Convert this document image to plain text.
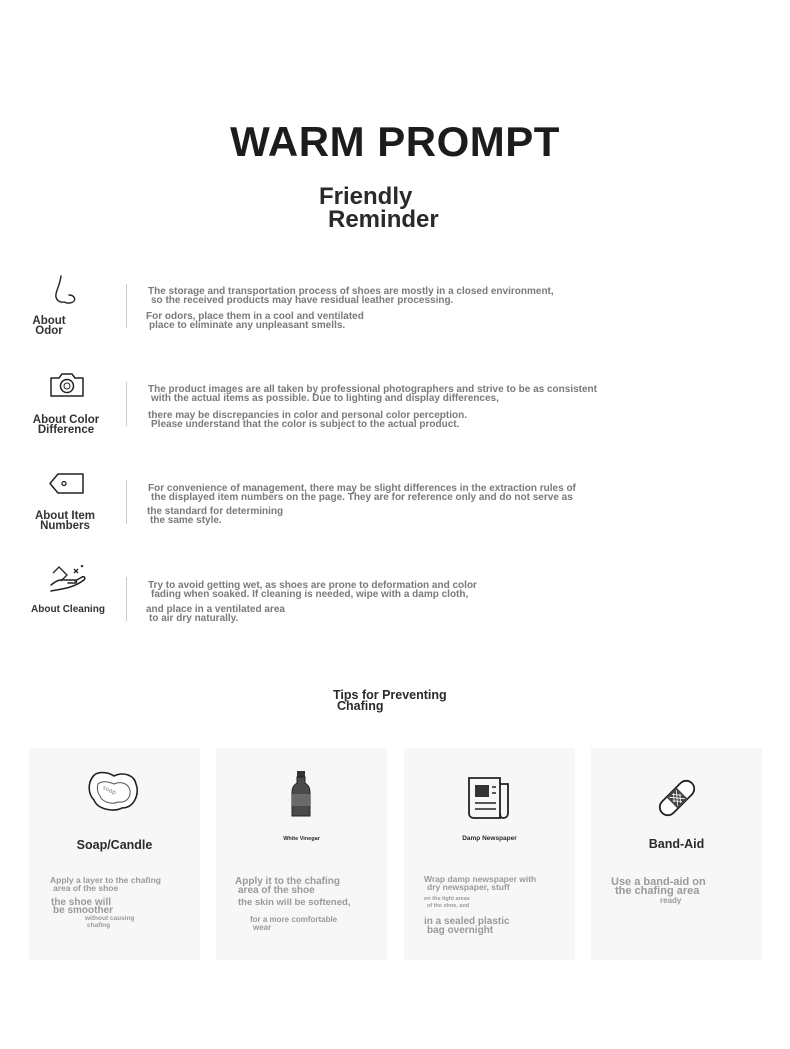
WARM PROMPT
Friendly
Reminder
About
Odor
The storage and transportation process of shoes are mostly in a closed environment,
so the received products may have residual leather processing.
For odors, place them in a cool and ventilated
place to eliminate any unpleasant smells.
About Color
Difference
The product images are all taken by professional photographers and strive to be as consistent
with the actual items as possible. Due to lighting and display differences,
there may be discrepancies in color and personal color perception.
Please understand that the color is subject to the actual product.
About Item
Numbers
For convenience of management, there may be slight differences in the extraction rules of
the displayed item numbers on the page. They are for reference only and do not serve as
the standard for determining
the same style.
About Cleaning
Try to avoid getting wet, as shoes are prone to deformation and color
fading when soaked. If cleaning is needed, wipe with a damp cloth,
and place in a ventilated area
to air dry naturally.
Tips for Preventing
Chafing
soap
Soap/Candle
Apply a layer to the chafing
area of the shoe
the shoe will
be smoother
without causing
chafing
White Vinegar
Apply it to the chafing
area of the shoe
the skin will be softened,
for a more comfortable
wear
Damp Newspaper
Wrap damp newspaper with
dry newspaper, stuff
on the tight areas
of the shoe, and
in a sealed plastic
bag overnight
Band-Aid
Use a band-aid on
the chafing area
ready
